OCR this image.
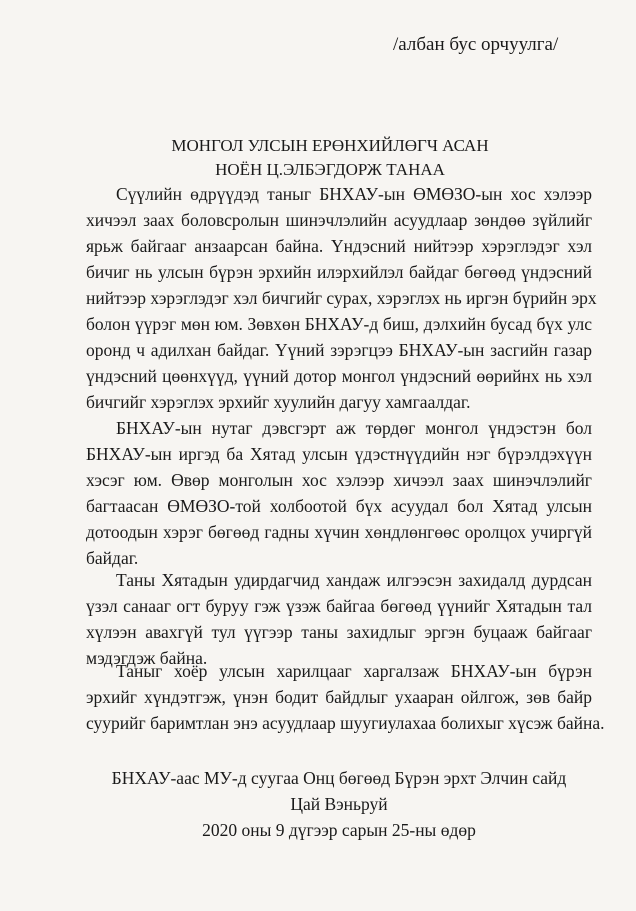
/албан бус орчуулга/
МОНГОЛ УЛСЫН ЕРӨНХИЙЛӨГЧ АСАН
НОЁН Ц.ЭЛБЭГДОРЖ ТАНАА
Сүүлийн өдрүүдэд таныг БНХАУ-ын ӨМӨЗО-ын хос хэлээр
хичээл заах боловсролын шинэчлэлийн асуудлаар зөндөө зүйлийг
ярьж байгааг анзаарсан байна. Үндэсний нийтээр хэрэглэдэг хэл
бичиг нь улсын бүрэн эрхийн илэрхийлэл байдаг бөгөөд үндэсний
нийтээр хэрэглэдэг хэл бичгийг сурах, хэрэглэх нь иргэн бүрийн эрх
болон үүрэг мөн юм. Зөвхөн БНХАУ-д биш, дэлхийн бусад бүх улс
оронд ч адилхан байдаг. Үүний зэрэгцээ БНХАУ-ын засгийн газар
үндэсний цөөнхүүд, үүний дотор монгол үндэсний өөрийнх нь хэл
бичгийг хэрэглэх эрхийг хуулийн дагуу хамгаалдаг.
БНХАУ-ын нутаг дэвсгэрт аж төрдөг монгол үндэстэн бол
БНХАУ-ын иргэд ба Хятад улсын үдэстнүүдийн нэг бүрэлдэхүүн
хэсэг юм. Өвөр монголын хос хэлээр хичээл заах шинэчлэлийг
багтаасан ӨМӨЗО-той холбоотой бүх асуудал бол Хятад улсын
дотоодын хэрэг бөгөөд гадны хүчин хөндлөнгөөс оролцох учиргүй
байдаг.
Таны Хятадын удирдагчид хандаж илгээсэн захидалд дурдсан
үзэл санааг огт буруу гэж үзэж байгаа бөгөөд үүнийг Хятадын тал
хүлээн авахгүй тул үүгээр таны захидлыг эргэн буцааж байгааг
мэдэгдэж байна.
Таныг хоёр улсын харилцааг харгалзаж БНХАУ-ын бүрэн
эрхийг хүндэтгэж, үнэн бодит байдлыг ухааран ойлгож, зөв байр
суурийг баримтлан энэ асуудлаар шуугиулахаа болихыг хүсэж байна.
БНХАУ-аас МУ-д суугаа Онц бөгөөд Бүрэн эрхт Элчин сайд
Цай Вэньруй
2020 оны 9 дүгээр сарын 25-ны өдөр
